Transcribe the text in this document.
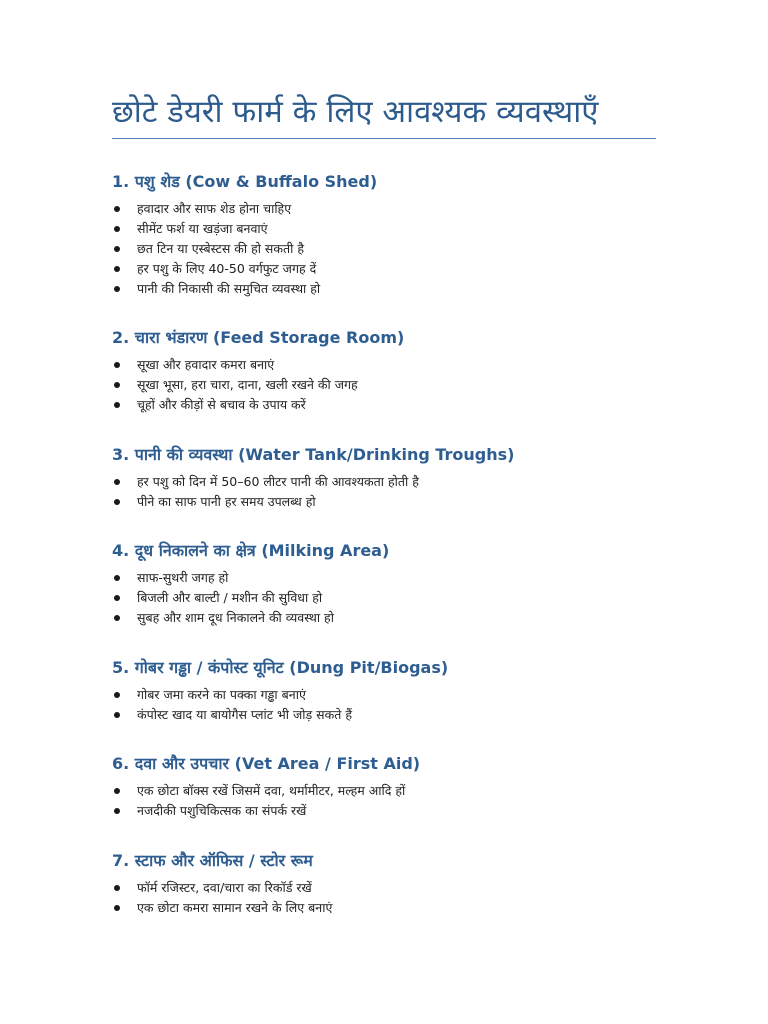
छोटे डेयरी फार्म के लिए आवश्यक व्यवस्थाएँ
1. पशु शेड (Cow & Buffalo Shed)
हवादार और साफ शेड होना चाहिए
सीमेंट फर्श या खड़ंजा बनवाएं
छत टिन या एस्बेस्टस की हो सकती है
हर पशु के लिए 40-50 वर्गफुट जगह दें
पानी की निकासी की समुचित व्यवस्था हो
2. चारा भंडारण (Feed Storage Room)
सूखा और हवादार कमरा बनाएं
सूखा भूसा, हरा चारा, दाना, खली रखने की जगह
चूहों और कीड़ों से बचाव के उपाय करें
3. पानी की व्यवस्था (Water Tank/Drinking Troughs)
हर पशु को दिन में 50–60 लीटर पानी की आवश्यकता होती है
पीने का साफ पानी हर समय उपलब्ध हो
4. दूध निकालने का क्षेत्र (Milking Area)
साफ-सुथरी जगह हो
बिजली और बाल्टी / मशीन की सुविधा हो
सुबह और शाम दूध निकालने की व्यवस्था हो
5. गोबर गड्ढा / कंपोस्ट यूनिट (Dung Pit/Biogas)
गोबर जमा करने का पक्का गड्ढा बनाएं
कंपोस्ट खाद या बायोगैस प्लांट भी जोड़ सकते हैं
6. दवा और उपचार (Vet Area / First Aid)
एक छोटा बॉक्स रखें जिसमें दवा, थर्मामीटर, मल्हम आदि हों
नजदीकी पशुचिकित्सक का संपर्क रखें
7. स्टाफ और ऑफिस / स्टोर रूम
फॉर्म रजिस्टर, दवा/चारा का रिकॉर्ड रखें
एक छोटा कमरा सामान रखने के लिए बनाएं
